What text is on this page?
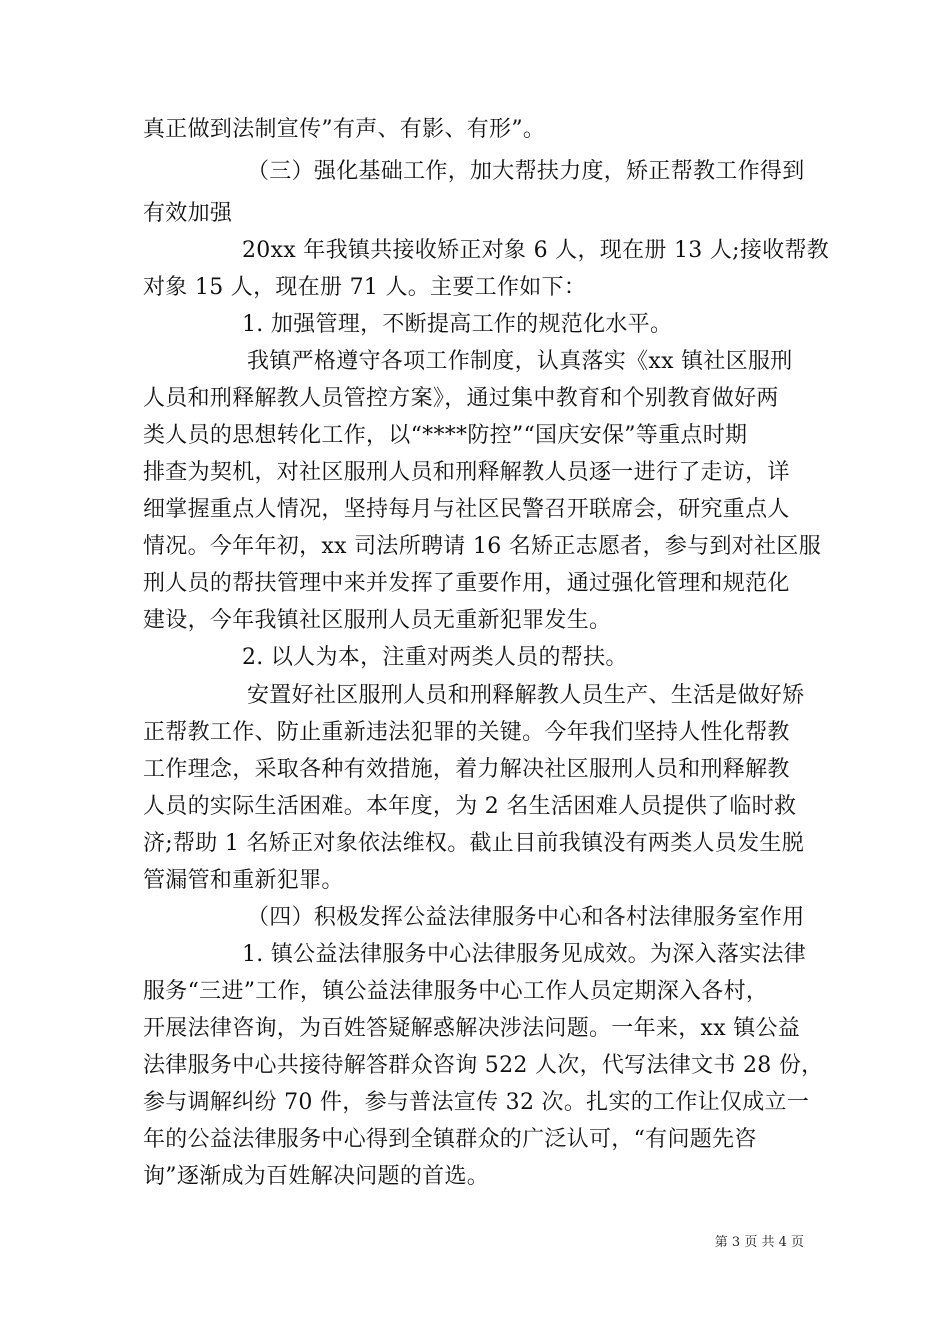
真正做到法制宣传”有声、有影、有形”。
（三）强化基础工作，加大帮扶力度，矫正帮教工作得到
有效加强
20xx 年我镇共接收矫正对象 6 人，现在册 13 人;接收帮教
对象 15 人，现在册 71 人。主要工作如下：
1. 加强管理，不断提高工作的规范化水平。
我镇严格遵守各项工作制度，认真落实《xx 镇社区服刑
人员和刑释解教人员管控方案》，通过集中教育和个别教育做好两
类人员的思想转化工作，以“****防控”“国庆安保”等重点时期
排查为契机，对社区服刑人员和刑释解教人员逐一进行了走访，详
细掌握重点人情况，坚持每月与社区民警召开联席会，研究重点人
情况。今年年初，xx 司法所聘请 16 名矫正志愿者，参与到对社区服
刑人员的帮扶管理中来并发挥了重要作用，通过强化管理和规范化
建设，今年我镇社区服刑人员无重新犯罪发生。
2. 以人为本，注重对两类人员的帮扶。
安置好社区服刑人员和刑释解教人员生产、生活是做好矫
正帮教工作、防止重新违法犯罪的关键。今年我们坚持人性化帮教
工作理念，采取各种有效措施，着力解决社区服刑人员和刑释解教
人员的实际生活困难。本年度，为 2 名生活困难人员提供了临时救
济;帮助 1 名矫正对象依法维权。截止目前我镇没有两类人员发生脱
管漏管和重新犯罪。
（四）积极发挥公益法律服务中心和各村法律服务室作用
1. 镇公益法律服务中心法律服务见成效。为深入落实法律
服务“三进”工作，镇公益法律服务中心工作人员定期深入各村，
开展法律咨询，为百姓答疑解惑解决涉法问题。一年来，xx 镇公益
法律服务中心共接待解答群众咨询 522 人次，代写法律文书 28 份，
参与调解纠纷 70 件，参与普法宣传 32 次。扎实的工作让仅成立一
年的公益法律服务中心得到全镇群众的广泛认可，“有问题先咨
询”逐渐成为百姓解决问题的首选。
第 3 页 共 4 页
